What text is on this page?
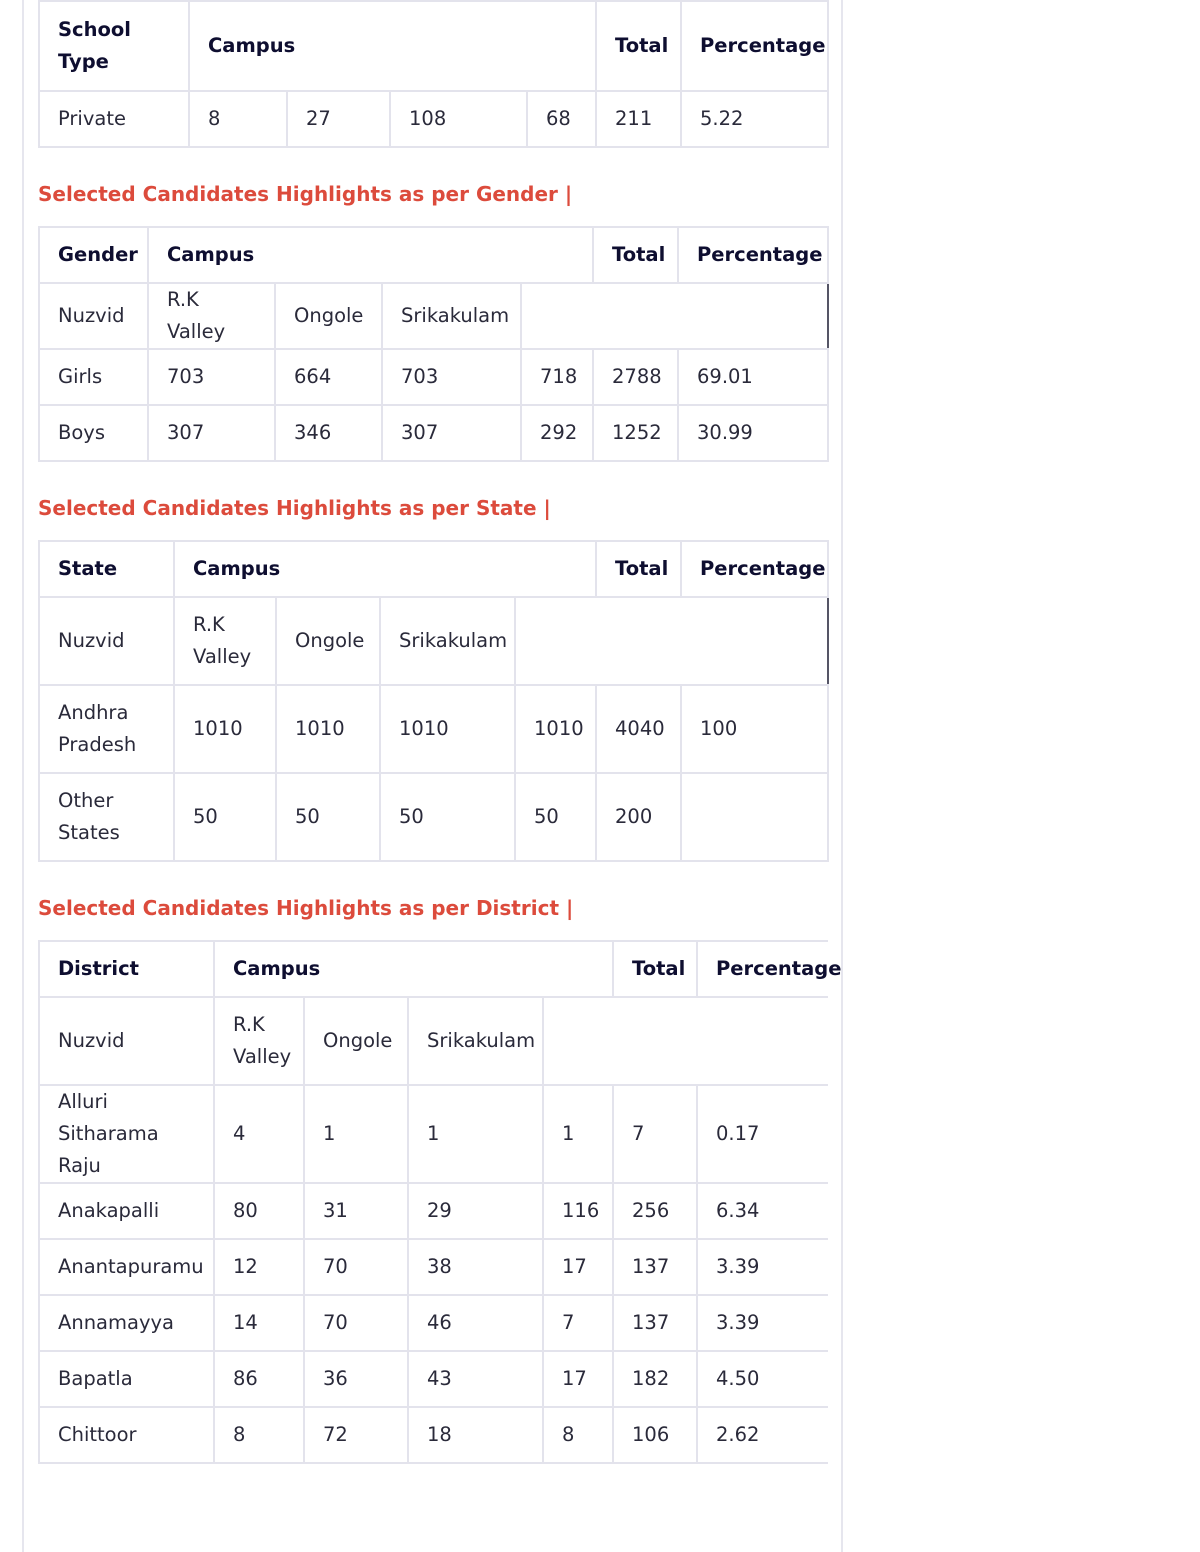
School Type	Campus				Total	Percentage
Private	8	27	108	68	211	5.22

Selected Candidates Highlights as per Gender |

Gender	Campus				Total	Percentage
Nuzvid	R.K Valley	Ongole	Srikakulam			
Girls	703	664	703	718	2788	69.01
Boys	307	346	307	292	1252	30.99

Selected Candidates Highlights as per State |

State	Campus				Total	Percentage
Nuzvid	R.K Valley	Ongole	Srikakulam			
Andhra Pradesh	1010	1010	1010	1010	4040	100
Other States	50	50	50	50	200	

Selected Candidates Highlights as per District |

District	Campus				Total	Percentage
Nuzvid	R.K Valley	Ongole	Srikakulam			
Alluri Sitharama Raju	4	1	1	1	7	0.17
Anakapalli	80	31	29	116	256	6.34
Anantapuramu	12	70	38	17	137	3.39
Annamayya	14	70	46	7	137	3.39
Bapatla	86	36	43	17	182	4.50
Chittoor	8	72	18	8	106	2.62
